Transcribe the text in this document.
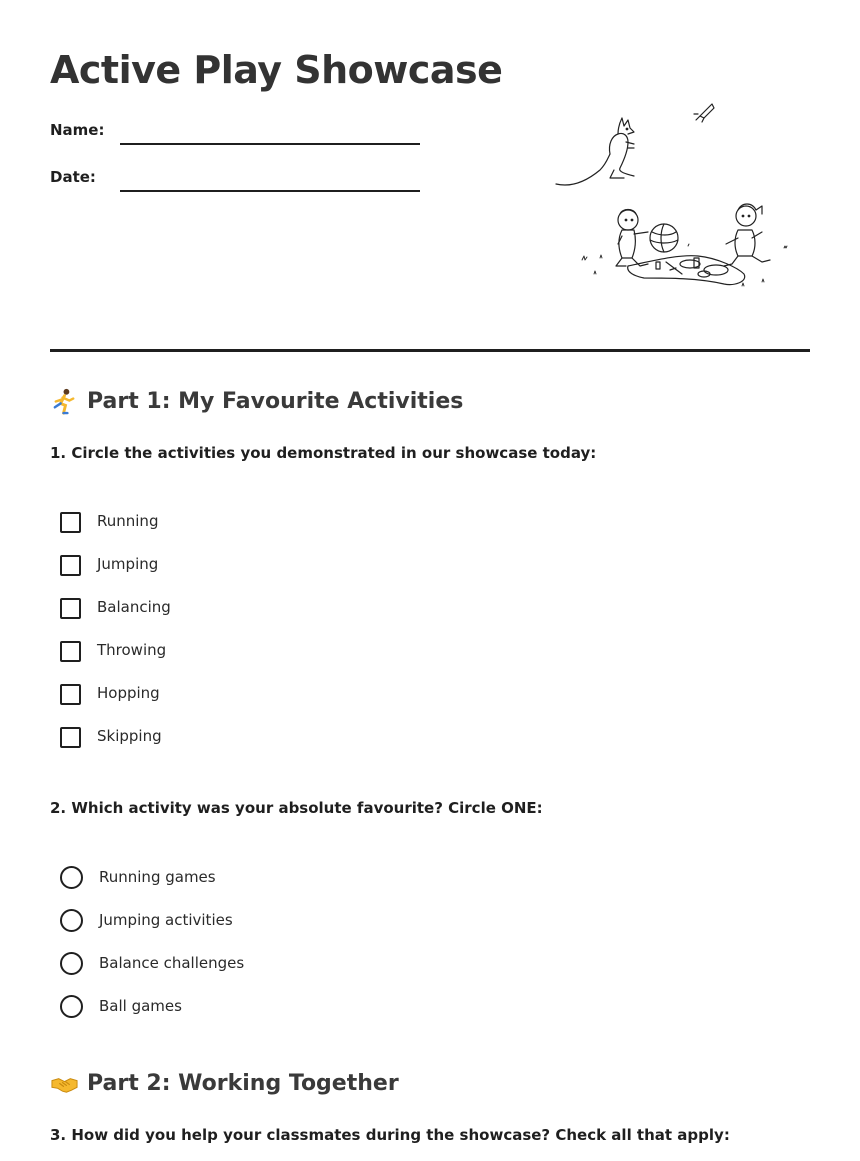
Active Play Showcase
Name:
Date:
Part 1: My Favourite Activities

1. Circle the activities you demonstrated in our showcase today:

Running
Jumping
Balancing
Throwing
Hopping
Skipping

2. Which activity was your absolute favourite? Circle ONE:

Running games
Jumping activities
Balance challenges
Ball games
Part 2: Working Together

3. How did you help your classmates during the showcase? Check all that apply:
